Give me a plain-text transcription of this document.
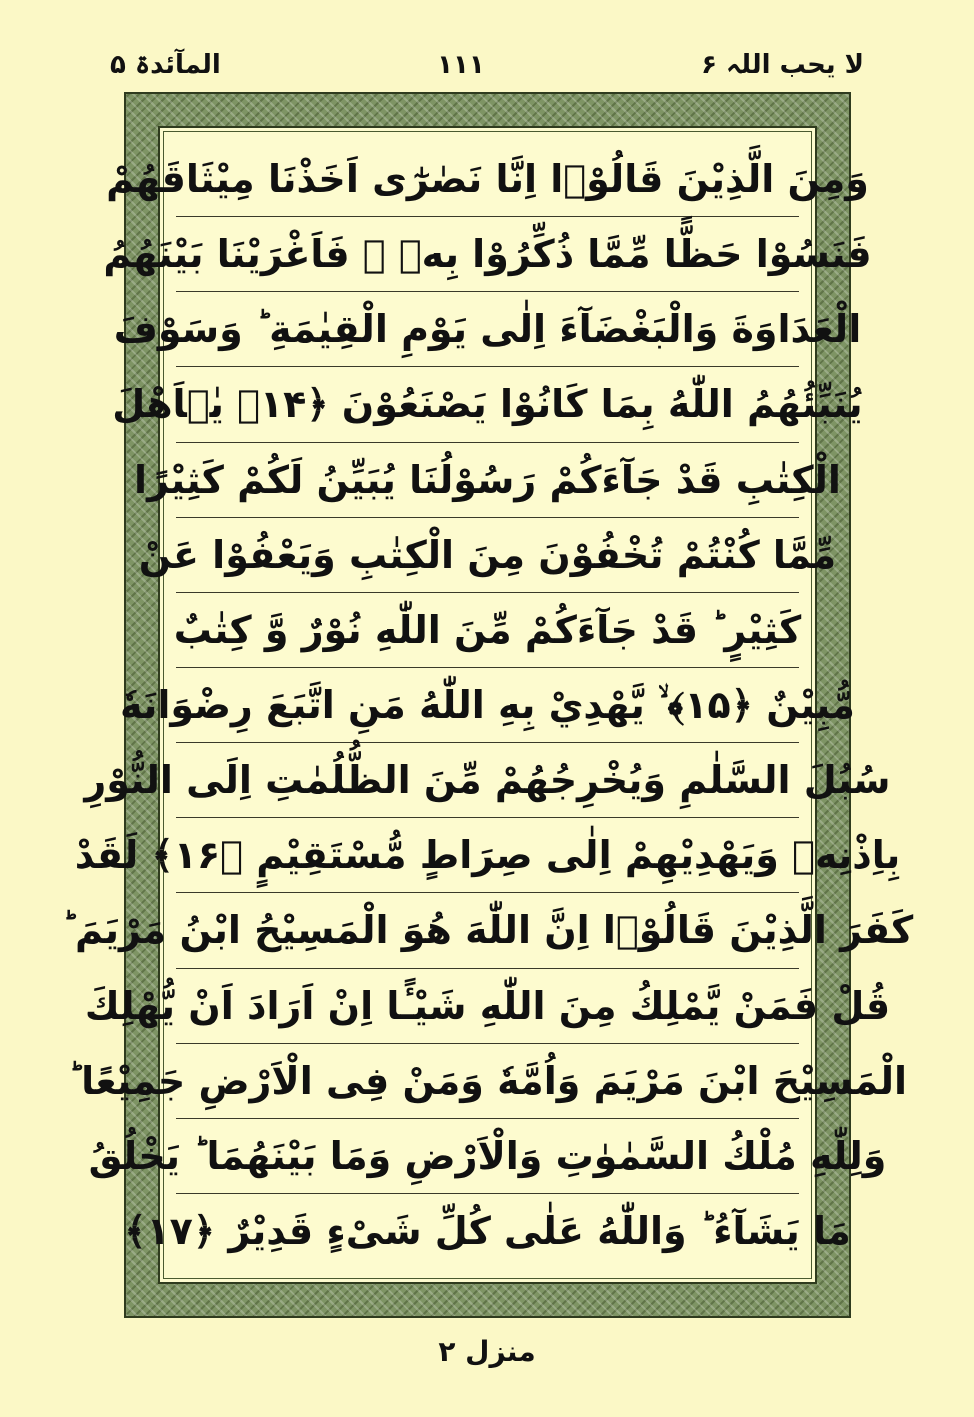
لا یحب اللہ ۶
۱۱۱
المآئدۃ ۵
وَمِنَ الَّذِيْنَ قَالُوْۤا اِنَّا نَصٰرٰٓى اَخَذْنَا مِيْثَاقَهُمْ
فَنَسُوْا حَظًّا مِّمَّا ذُكِّرُوْا بِهٖ ۪ فَاَغْرَيْنَا بَيْنَهُمُ
الْعَدَاوَةَ وَالْبَغْضَآءَ اِلٰى يَوْمِ الْقِيٰمَةِ ؕ وَسَوْفَ
يُنَبِّئُهُمُ اللّٰهُ بِمَا كَانُوْا يَصْنَعُوْنَ ﴿۱۴﴾ يٰۤاَهْلَ
الْكِتٰبِ قَدْ جَآءَكُمْ رَسُوْلُنَا يُبَيِّنُ لَكُمْ كَثِيْرًا
مِّمَّا كُنْتُمْ تُخْفُوْنَ مِنَ الْكِتٰبِ وَيَعْفُوْا عَنْ
كَثِيْرٍ ؕ قَدْ جَآءَكُمْ مِّنَ اللّٰهِ نُوْرٌ وَّ كِتٰبٌ
مُّبِيْنٌ ﴿۱۵﴾ ۙ يَّهْدِيْ بِهِ اللّٰهُ مَنِ اتَّبَعَ رِضْوَانَهٗ
سُبُلَ السَّلٰمِ وَيُخْرِجُهُمْ مِّنَ الظُّلُمٰتِ اِلَى النُّوْرِ
بِاِذْنِهٖ وَيَهْدِيْهِمْ اِلٰى صِرَاطٍ مُّسْتَقِيْمٍ ﴿۱۶﴾ لَقَدْ
كَفَرَ الَّذِيْنَ قَالُوْۤا اِنَّ اللّٰهَ هُوَ الْمَسِيْحُ ابْنُ مَرْيَمَ ؕ
قُلْ فَمَنْ يَّمْلِكُ مِنَ اللّٰهِ شَيْـًٔا اِنْ اَرَادَ اَنْ يُّهْلِكَ
الْمَسِيْحَ ابْنَ مَرْيَمَ وَاُمَّهٗ وَمَنْ فِى الْاَرْضِ جَمِيْعًا ؕ
وَلِلّٰهِ مُلْكُ السَّمٰوٰتِ وَالْاَرْضِ وَمَا بَيْنَهُمَا ؕ يَخْلُقُ
مَا يَشَآءُ ؕ وَاللّٰهُ عَلٰى كُلِّ شَىْءٍ قَدِيْرٌ ﴿۱۷﴾
منزل ۲
